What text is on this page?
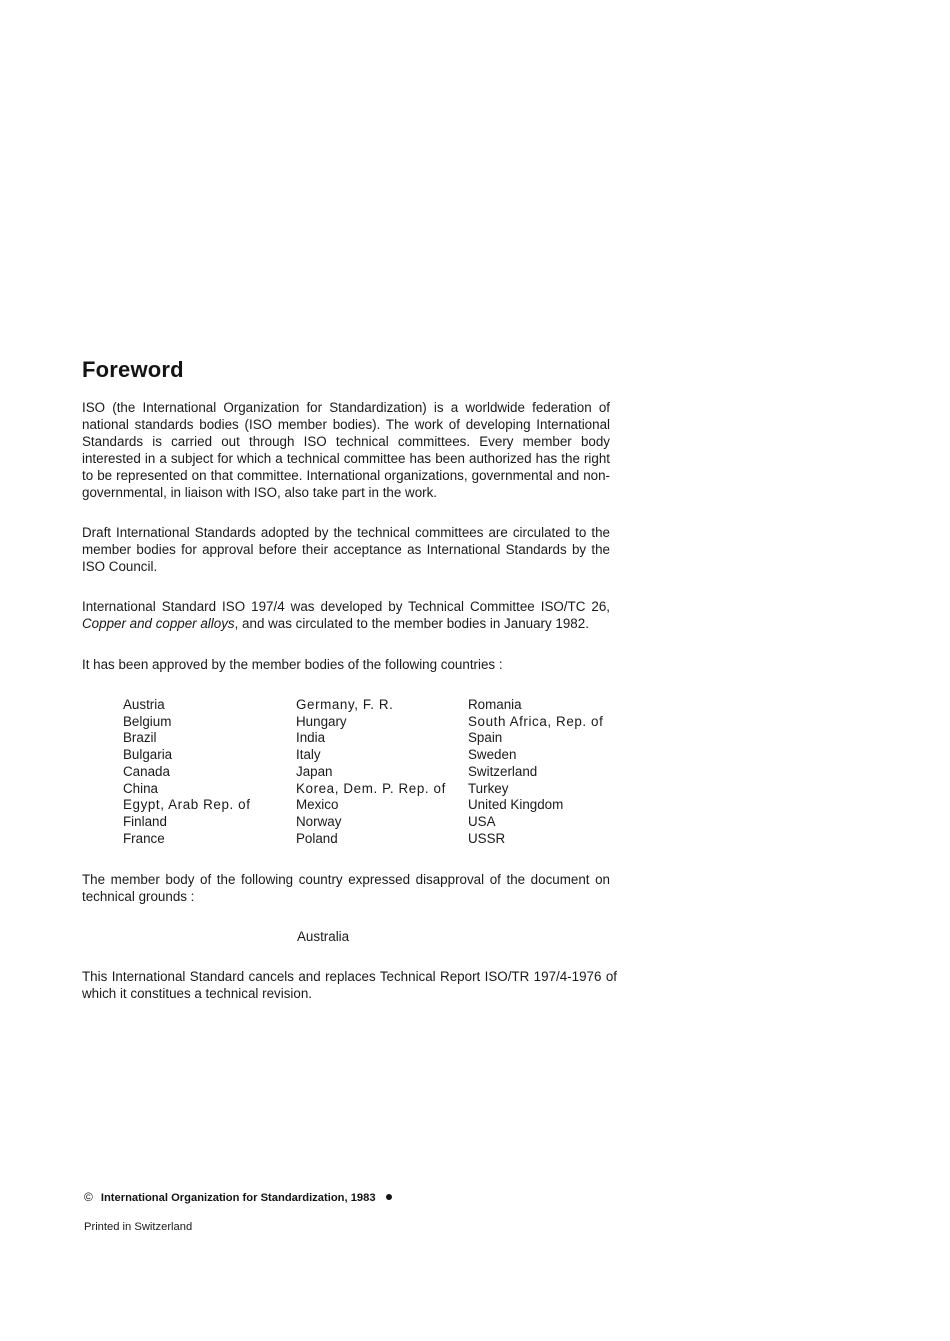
Foreword

ISO (the International Organization for Standardization) is a worldwide federation of national standards bodies (ISO member bodies). The work of developing International Standards is carried out through ISO technical committees. Every member body interested in a subject for which a technical committee has been authorized has the right to be represented on that committee. International organizations, governmental and non-governmental, in liaison with ISO, also take part in the work.

Draft International Standards adopted by the technical committees are circulated to the member bodies for approval before their acceptance as International Standards by the ISO Council.

International Standard ISO 197/4 was developed by Technical Committee ISO/TC 26, Copper and copper alloys, and was circulated to the member bodies in January 1982.

It has been approved by the member bodies of the following countries :

Austria
Belgium
Brazil
Bulgaria
Canada
China
Egypt, Arab Rep. of
Finland
France
Germany, F. R.
Hungary
India
Italy
Japan
Korea, Dem. P. Rep. of
Mexico
Norway
Poland
Romania
South Africa, Rep. of
Spain
Sweden
Switzerland
Turkey
United Kingdom
USA
USSR

The member body of the following country expressed disapproval of the document on technical grounds :

Australia

This International Standard cancels and replaces Technical Report ISO/TR 197/4-1976 of which it constitues a technical revision.

© International Organization for Standardization, 1983
Printed in Switzerland
